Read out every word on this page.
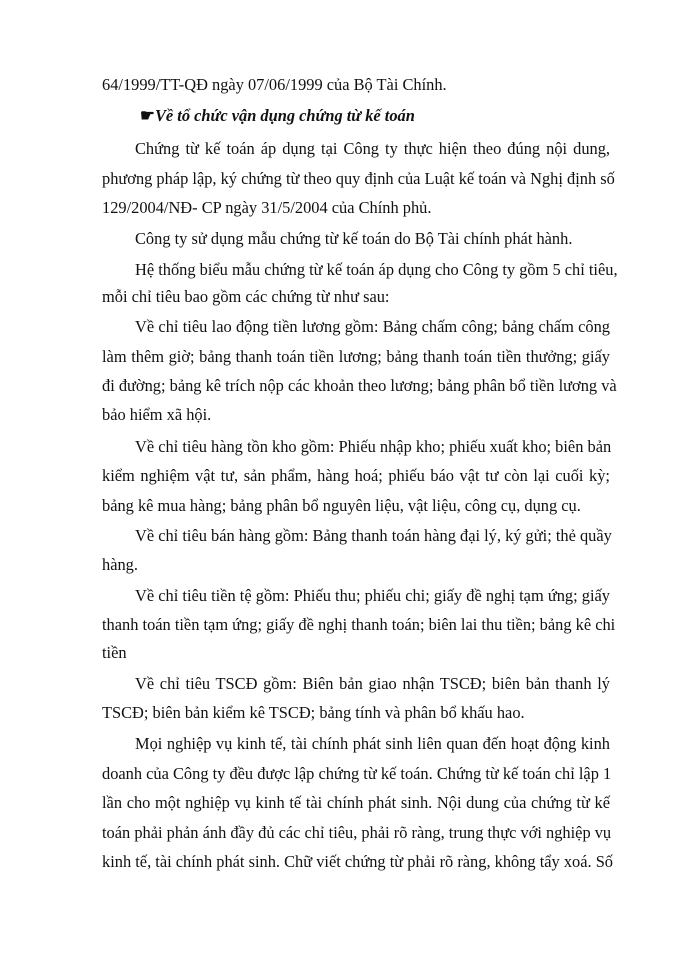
64/1999/TT-QĐ ngày 07/06/1999 của Bộ Tài Chính.
☛Về tổ chức vận dụng chứng từ kế toán
Chứng từ kế toán áp dụng tại Công ty thực hiện theo đúng nội dung,
phương pháp lập, ký chứng từ theo quy định của Luật kế toán và Nghị định số
129/2004/NĐ- CP ngày 31/5/2004 của Chính phủ.
Công ty sử dụng mẫu chứng từ kế toán do Bộ Tài chính phát hành.
Hệ thống biểu mẫu chứng từ kế toán áp dụng cho Công ty gồm 5 chỉ tiêu,
mỗi chỉ tiêu bao gồm các chứng từ như sau:
Về chỉ tiêu lao động tiền lương gồm: Bảng chấm công; bảng chấm công
làm thêm giờ; bảng thanh toán tiền lương; bảng thanh toán tiền thưởng; giấy
đi đường; bảng kê trích nộp các khoản theo lương; bảng phân bổ tiền lương và
bảo hiểm xã hội.
Về chỉ tiêu hàng tồn kho gồm: Phiếu nhập kho; phiếu xuất kho; biên bản
kiểm nghiệm vật tư, sản phẩm, hàng hoá; phiếu báo vật tư còn lại cuối kỳ;
bảng kê mua hàng; bảng phân bổ nguyên liệu, vật liệu, công cụ, dụng cụ.
Về chỉ tiêu bán hàng gồm: Bảng thanh toán hàng đại lý, ký gửi; thẻ quầy
hàng.
Về chỉ tiêu tiền tệ gồm: Phiếu thu; phiếu chi; giấy đề nghị tạm ứng; giấy
thanh toán tiền tạm ứng; giấy đề nghị thanh toán; biên lai thu tiền; bảng kê chi
tiền
Về chỉ tiêu TSCĐ gồm: Biên bản giao nhận TSCĐ; biên bản thanh lý
TSCĐ; biên bản kiểm kê TSCĐ; bảng tính và phân bổ khấu hao.
Mọi nghiệp vụ kinh tế, tài chính phát sinh liên quan đến hoạt động kinh
doanh của Công ty đều được lập chứng từ kế toán. Chứng từ kế toán chỉ lập 1
lần cho một nghiệp vụ kinh tế tài chính phát sinh. Nội dung của chứng từ kế
toán phải phản ánh đầy đủ các chỉ tiêu, phải rõ ràng, trung thực với nghiệp vụ
kinh tế, tài chính phát sinh. Chữ viết chứng từ phải rõ ràng, không tẩy xoá. Số
